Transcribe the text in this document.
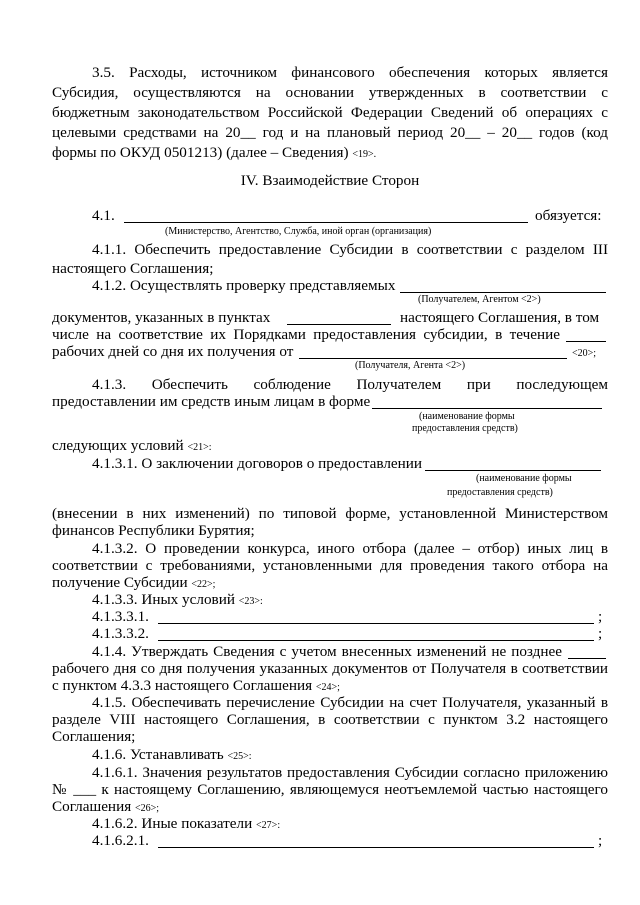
3.5. Расходы, источником финансового обеспечения которых является
Субсидия, осуществляются на основании утвержденных в соответствии с
бюджетным законодательством Российской Федерации Сведений об операциях с
целевыми средствами на 20__ год и на плановый период 20__ – 20__ годов (код
формы по ОКУД 0501213) (далее – Сведения) <19>.
IV. Взаимодействие Сторон
4.1.	обязуется:
(Министерство, Агентство, Служба, иной орган (организация)
4.1.1. Обеспечить предоставление Субсидии в соответствии с разделом III
настоящего Соглашения;
4.1.2. Осуществлять проверку представляемых
(Получателем, Агентом <2>)
документов, указанных в пунктах	настоящего Соглашения, в том
числе на соответствие их Порядками предоставления субсидии, в течение
рабочих дней со дня их получения от	<20>;
(Получателя, Агента <2>)
4.1.3. Обеспечить соблюдение Получателем при последующем
предоставлении им средств иным лицам в форме
(наименование формы
предоставления средств)
следующих условий <21>:
4.1.3.1. О заключении договоров о предоставлении
(наименование формы
предоставления средств)
(внесении в них изменений) по типовой форме, установленной Министерством
финансов Республики Бурятия;
4.1.3.2. О проведении конкурса, иного отбора (далее – отбор) иных лиц в
соответствии с требованиями, установленными для проведения такого отбора на
получение Субсидии <22>;
4.1.3.3. Иных условий <23>:
4.1.3.3.1.	;
4.1.3.3.2.	;
4.1.4. Утверждать Сведения с учетом внесенных изменений не позднее
рабочего дня со дня получения указанных документов от Получателя в соответствии
с пунктом 4.3.3 настоящего Соглашения <24>;
4.1.5. Обеспечивать перечисление Субсидии на счет Получателя, указанный в
разделе VIII настоящего Соглашения, в соответствии с пунктом 3.2 настоящего
Соглашения;
4.1.6. Устанавливать <25>:
4.1.6.1. Значения результатов предоставления Субсидии согласно приложению
№ ___ к настоящему Соглашению, являющемуся неотъемлемой частью настоящего
Соглашения <26>;
4.1.6.2. Иные показатели <27>:
4.1.6.2.1.	;
